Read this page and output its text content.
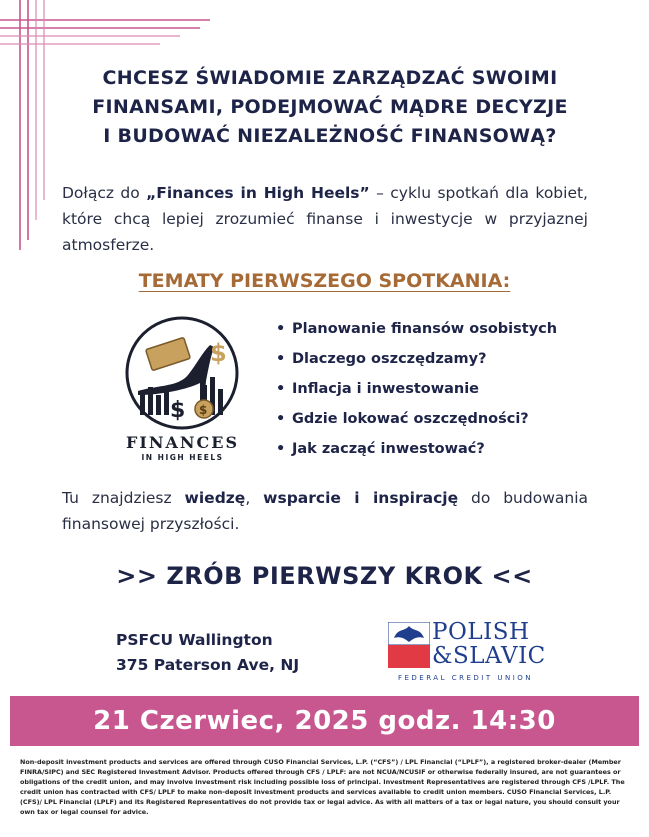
CHCESZ ŚWIADOMIE ZARZĄDZAĆ SWOIMI
FINANSAMI, PODEJMOWAĆ MĄDRE DECYZJE
I BUDOWAĆ NIEZALEŻNOŚĆ FINANSOWĄ?

Dołącz do „Finances in High Heels” – cyklu spotkań dla kobiet, które chcą lepiej zrozumieć finanse i inwestycje w przyjaznej atmosferze.

TEMATY PIERWSZEGO SPOTKANIA:
$
$ $
FINANCES
IN HIGH HEELS
• Planowanie finansów osobistych
• Dlaczego oszczędzamy?
• Inflacja i inwestowanie
• Gdzie lokować oszczędności?
• Jak zacząć inwestować?

Tu znajdziesz wiedzę, wsparcie i inspirację do budowania finansowej przyszłości.

>> ZRÓB PIERWSZY KROK <<
PSFCU Wallington
375 Paterson Ave, NJ
POLISH
&SLAVIC
FEDERAL CREDIT UNION
21 Czerwiec, 2025 godz. 14:30

Non-deposit investment products and services are offered through CUSO Financial Services, L.P. (“CFS”) / LPL Financial (“LPLF”), a registered broker-dealer (Member FINRA/SIPC) and SEC Registered Investment Advisor. Products offered through CFS / LPLF: are not NCUA/NCUSIF or otherwise federally insured, are not guarantees or obligations of the credit union, and may involve investment risk including possible loss of principal. Investment Representatives are registered through CFS /LPLF. The credit union has contracted with CFS/ LPLF to make non-deposit investment products and services available to credit union members. CUSO Financial Services, L.P. (CFS)/ LPL Financial (LPLF) and its Registered Representatives do not provide tax or legal advice. As with all matters of a tax or legal nature, you should consult your own tax or legal counsel for advice.
